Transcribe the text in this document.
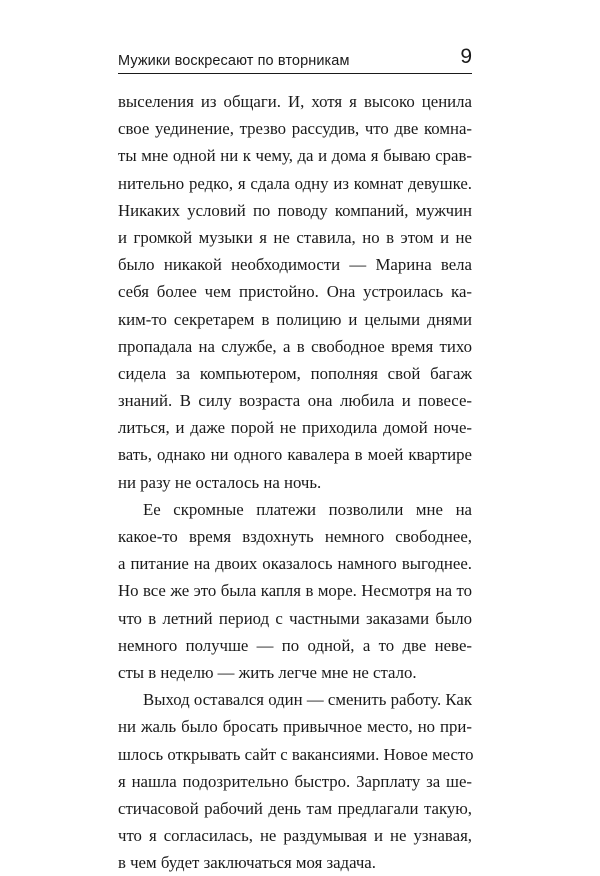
Мужики воскресают по вторникам	9
выселения из общаги. И, хотя я высоко ценила
свое уединение, трезво рассудив, что две комна-
ты мне одной ни к чему, да и дома я бываю срав-
нительно редко, я сдала одну из комнат девушке.
Никаких условий по поводу компаний, мужчин
и громкой музыки я не ставила, но в этом и не
было никакой необходимости — Марина вела
себя более чем пристойно. Она устроилась ка-
ким-то секретарем в полицию и целыми днями
пропадала на службе, а в свободное время тихо
сидела за компьютером, пополняя свой багаж
знаний. В силу возраста она любила и повесе-
литься, и даже порой не приходила домой ночe-
вать, однако ни одного кавалера в моей квартире
ни разу не осталось на ночь.
Ее скромные платежи позволили мне на
какое-то время вздохнуть немного свободнее,
а питание на двоих оказалось намного выгоднее.
Но все же это была капля в море. Несмотря на то
что в летний период с частными заказами было
немного получше — по одной, а то две невe-
сты в неделю — жить легче мне не стало.
Выход оставался один — сменить работу. Как
ни жаль было бросать привычное место, но при-
шлось открывать сайт с вакансиями. Новое место
я нашла подозрительно быстро. Зарплату за ше-
стичасовой рабочий день там предлагали такую,
что я согласилась, не раздумывая и не узнавая,
в чем будет заключаться моя задача.
